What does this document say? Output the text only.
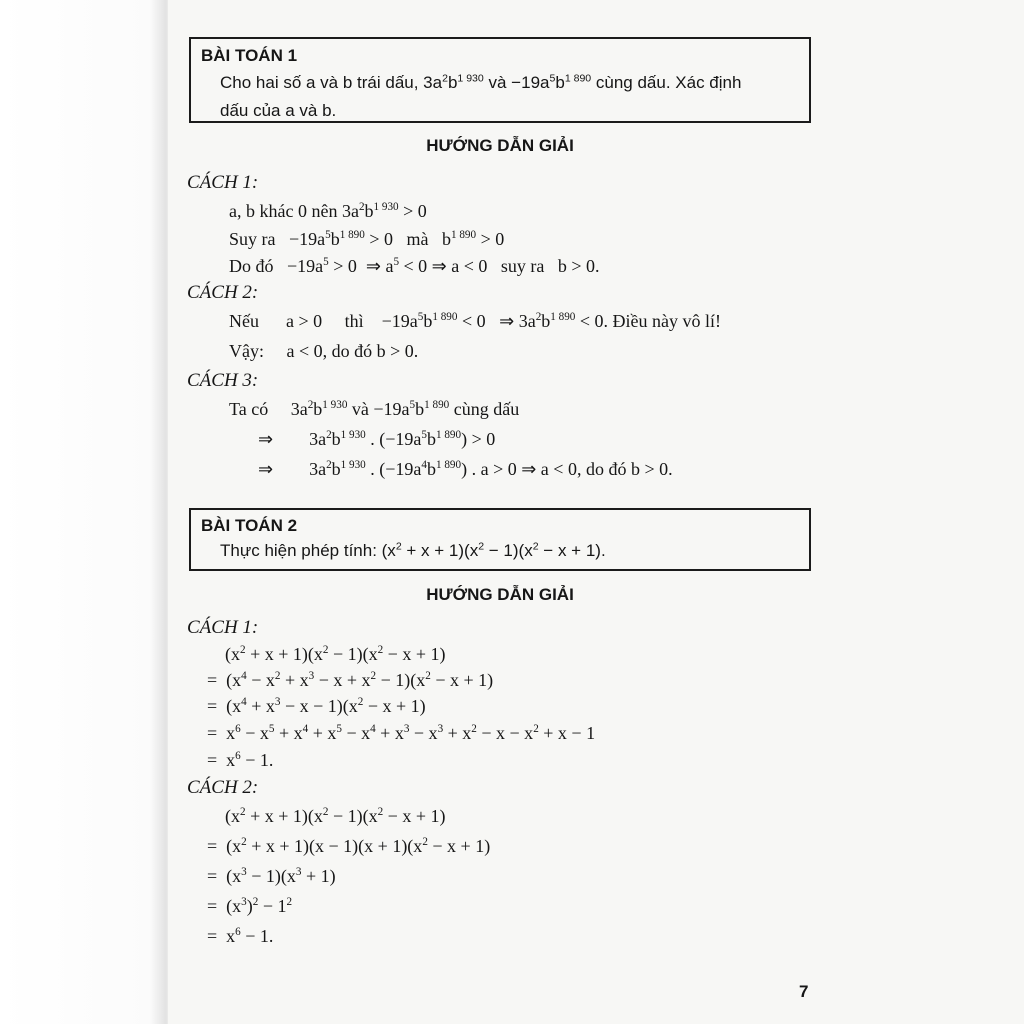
BÀI TOÁN 1

Cho hai số a và b trái dấu, $3a^2b^{1 930}$ và $-19a^5b^{1 890}$ cùng dấu. Xác định
dấu của a và b.

HƯỚNG DẪN GIẢI
CÁCH 1:
a, b khác 0 nên $3a^2b^{1 930} > 0$
Suy ra   $-19a^5b^{1 890} > 0$   mà   $b^{1 890} > 0$
Do đó   $-19a^5 > 0$  ⇒ $a^5 < 0$ ⇒ a < 0   suy ra   b > 0.
CÁCH 2:
Nếu      a > 0     thì    $-19a^5b^{1 890} < 0$   ⇒ $3a^2b^{1 890} < 0$. Điều này vô lí!
Vậy:     a < 0, do đó b > 0.
CÁCH 3:
Ta có     $3a^2b^{1 930}$ và $-19a^5b^{1 890}$ cùng dấu
⇒        $3a^2b^{1 930}$ . $(-19a^5b^{1 890}) > 0$
⇒        $3a^2b^{1 930}$ . $(-19a^4b^{1 890})$ . a > 0 ⇒ a < 0, do đó b > 0.

BÀI TOÁN 2

Thực hiện phép tính: $(x^2 + x + 1)(x^2 - 1)(x^2 - x + 1)$.

HƯỚNG DẪN GIẢI
CÁCH 1:
$(x^2 + x + 1)(x^2 - 1)(x^2 - x + 1)$
=  $(x^4 - x^2 + x^3 - x + x^2 - 1)(x^2 - x + 1)$
=  $(x^4 + x^3 - x - 1)(x^2 - x + 1)$
=  $x^6 - x^5 + x^4 + x^5 - x^4 + x^3 - x^3 + x^2 - x - x^2 + x - 1$
=  $x^6 - 1$.
CÁCH 2:
$(x^2 + x + 1)(x^2 - 1)(x^2 - x + 1)$
=  $(x^2 + x + 1)(x - 1)(x + 1)(x^2 - x + 1)$
=  $(x^3 - 1)(x^3 + 1)$
=  $(x^3)^2 - 1^2$
=  $x^6 - 1$.
7
